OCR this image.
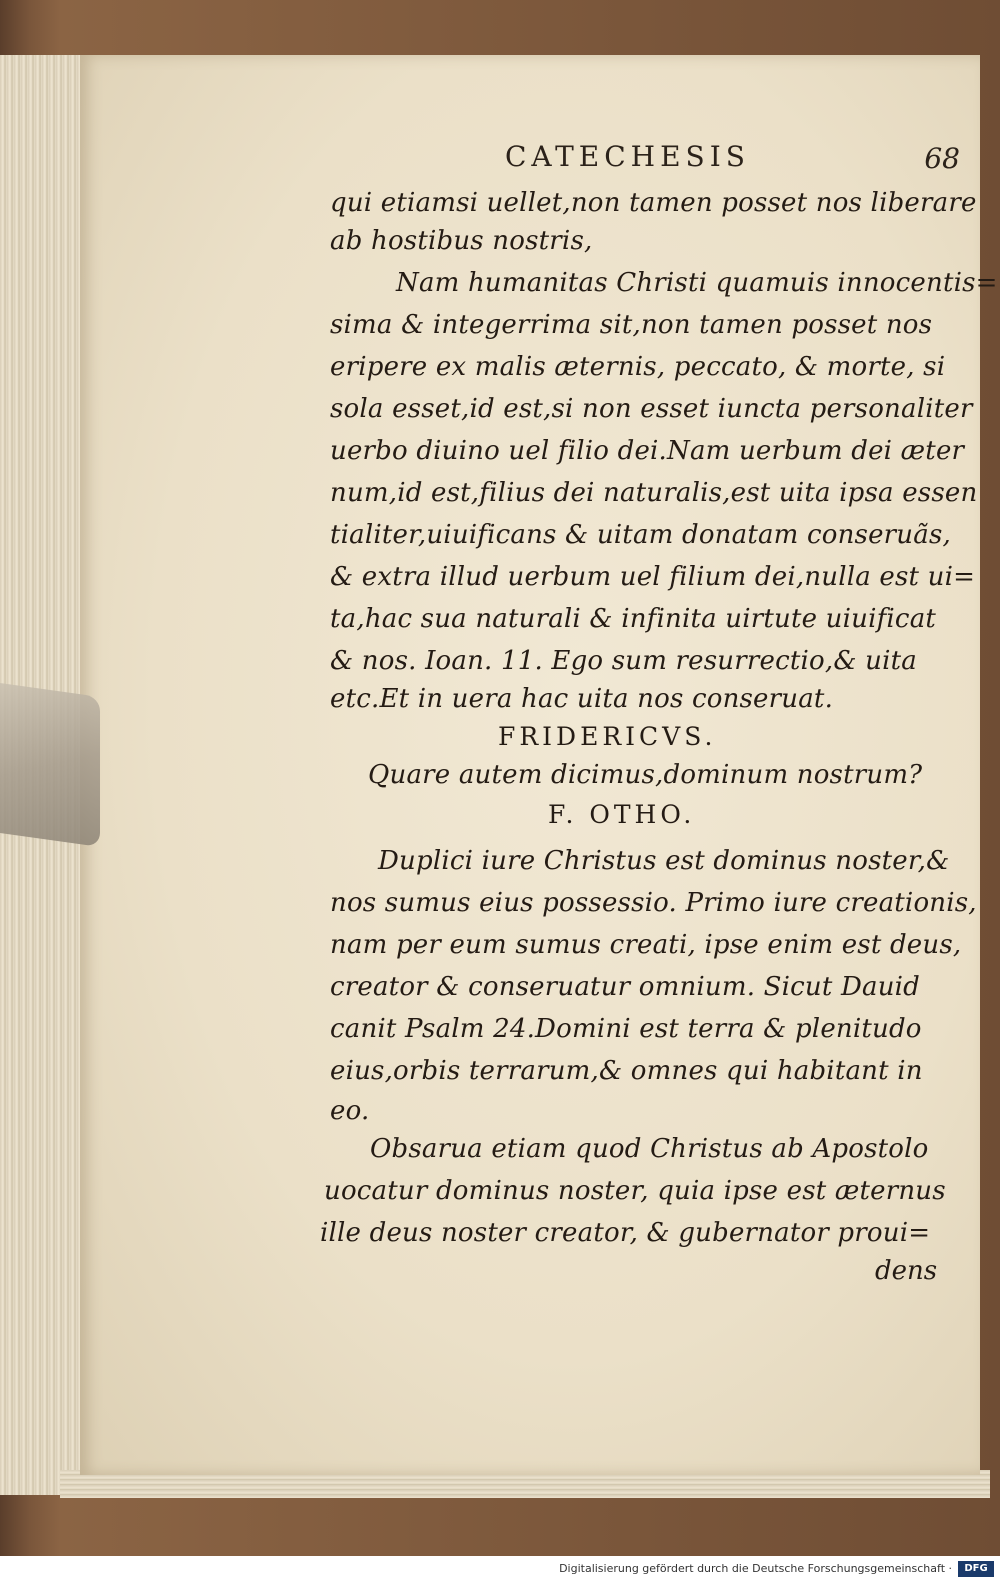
CATECHESIS	68
qui etiamsi uellet,non tamen posset nos liberare
ab hostibus nostris,
Nam humanitas Christi quamuis innocentis=
sima & integerrima sit,non tamen posset nos
eripere ex malis æternis, peccato, & morte, si
sola esset,id est,si non esset iuncta personaliter
uerbo diuino uel filio dei.Nam uerbum dei æter
num,id est,filius dei naturalis,est uita ipsa essen
tialiter,uiuificans & uitam donatam conseruãs,
& extra illud uerbum uel filium dei,nulla est ui=
ta,hac sua naturali & infinita uirtute uiuificat
& nos. Ioan. 11. Ego sum resurrectio,& uita
etc.Et in uera hac uita nos conseruat.
FRIDERICVS.
Quare autem dicimus,dominum nostrum?
F. OTHO.
Duplici iure Christus est dominus noster,&
nos sumus eius possessio. Primo iure creationis,
nam per eum sumus creati, ipse enim est deus,
creator & conseruatur omnium. Sicut Dauid
canit Psalm 24.Domini est terra & plenitudo
eius,orbis terrarum,& omnes qui habitant in
eo.
Obsarua etiam quod Christus ab Apostolo
uocatur dominus noster, quia ipse est æternus
ille deus noster creator, & gubernator proui=
dens
Digitalisierung gefördert durch die Deutsche Forschungsgemeinschaft ·	DFG
